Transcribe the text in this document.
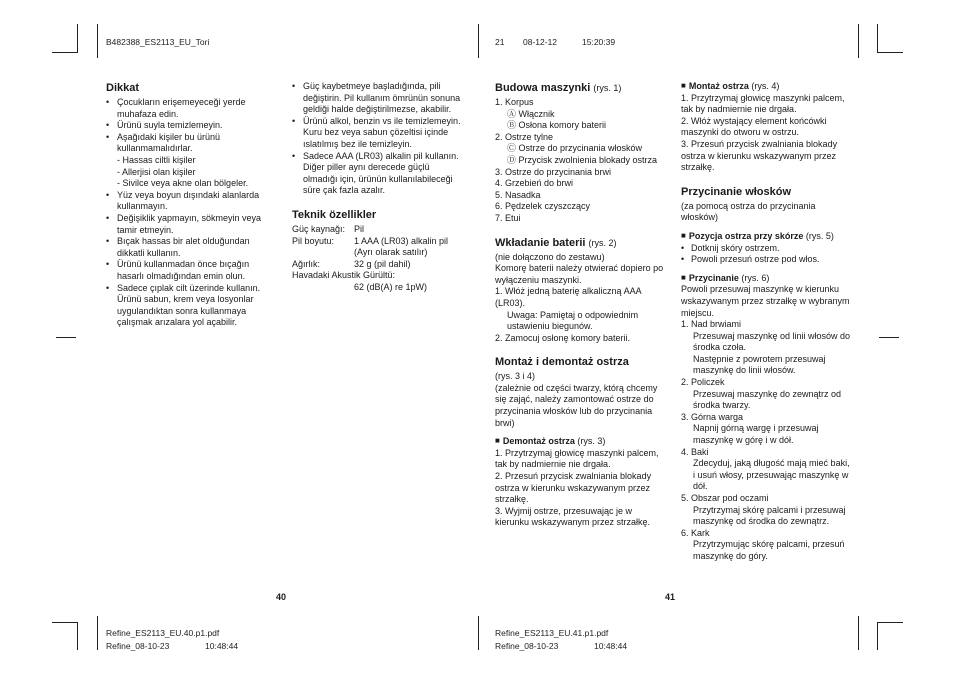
B482388_ES2113_EU_Tori	21 08-12-12	15:20:39
Dikkat
• Çocukların erişemeyeceği yerde muhafaza edin.
• Ürünü suyla temizlemeyin.
• Aşağıdaki kişiler bu ürünü kullanmamalıdırlar.
- Hassas ciltli kişiler
- Allerjisi olan kişiler
- Sivilce veya akne olan bölgeler.
• Yüz veya boyun dışındaki alanlarda kullanmayın.
• Değişiklik yapmayın, sökmeyin veya tamir etmeyin.
• Bıçak hassas bir alet olduğundan dikkatli kullanın.
• Ürünü kullanmadan önce bıçağın hasarlı olmadığından emin olun.
• Sadece çıplak cilt üzerinde kullanın. Ürünü sabun, krem veya losyonlar uygulandıktan sonra kullanmaya çalışmak arızalara yol açabilir.
• Güç kaybetmeye başladığında, pili değiştirin. Pil kullanım ömrünün sonuna geldiği halde değiştirilmezse, akabilir.
• Ürünü alkol, benzin vs ile temizlemeyin.
Kuru bez veya sabun çözeltisi içinde ıslatılmış bez ile temizleyin.
• Sadece AAA (LR03) alkalin pil kullanın. Diğer piller aynı derecede güçlü olmadığı için, ürünün kullanılabileceği süre çak fazla azalır.
Teknik özellikler
Güç kaynağı: Pil
Pil boyutu:	1 AAA (LR03) alkalin pil (Ayrı olarak satılır)
Ağırlık:	32 g (pil dahil)
Havadaki Akustik Gürültü:
62 (dB(A) re 1pW)
Budowa maszynki (rys. 1)
1. Korpus
Ⓐ Włącznik
Ⓑ Osłona komory baterii
2. Ostrze tylne
Ⓒ Ostrze do przycinania włosków
Ⓓ Przycisk zwolnienia blokady ostrza
3. Ostrze do przycinania brwi
4. Grzebień do brwi
5. Nasadka
6. Pędzelek czyszczący
7. Etui
Wkładanie baterii (rys. 2)
(nie dołączono do zestawu)
Komorę baterii należy otwierać dopiero po wyłączeniu maszynki.
1. Włóż jedną baterię alkaliczną AAA (LR03).
Uwaga: Pamiętaj o odpowiednim ustawieniu biegunów.
2. Zamocuj osłonę komory baterii.
Montaż i demontaż ostrza
(rys. 3 i 4)
(zależnie od części twarzy, którą chcemy się zająć, należy zamontować ostrze do przycinania włosków lub do przycinania brwi)
■ Demontaż ostrza (rys. 3)
1. Przytrzymaj głowicę maszynki palcem, tak by nadmiernie nie drgała.
2. Przesuń przycisk zwalniania blokady ostrza w kierunku wskazywanym przez strzałkę.
3. Wyjmij ostrze, przesuwając je w kierunku wskazywanym przez strzałkę.
■ Montaż ostrza (rys. 4)
1. Przytrzymaj głowicę maszynki palcem, tak by nadmiernie nie drgała.
2. Włóż wystający element końcówki maszynki do otworu w ostrzu.
3. Przesuń przycisk zwalniania blokady ostrza w kierunku wskazywanym przez strzałkę.
Przycinanie włosków
(za pomocą ostrza do przycinania włosków)
■ Pozycja ostrza przy skórze (rys. 5)
• Dotknij skóry ostrzem.
• Powoli przesuń ostrze pod włos.
■ Przycinanie (rys. 6)
Powoli przesuwaj maszynkę w kierunku wskazywanym przez strzałkę w wybranym miejscu.
1. Nad brwiami
Przesuwaj maszynkę od linii włosów do środka czoła.
Następnie z powrotem przesuwaj maszynkę do linii włosów.
2. Policzek
Przesuwaj maszynkę do zewnątrz od środka twarzy.
3. Górna warga
Napnij górną wargę i przesuwaj maszynkę w górę i w dół.
4. Baki
Zdecyduj, jaką długość mają mieć baki, i usuń włosy, przesuwając maszynkę w dół.
5. Obszar pod oczami
Przytrzymaj skórę palcami i przesuwaj maszynkę od środka do zewnątrz.
6. Kark
Przytrzymując skórę palcami, przesuń maszynkę do góry.
40	41
Refine_ES2113_EU.40.p1.pdf
Refine_08-10-23	10:48:44
Refine_ES2113_EU.41.p1.pdf
Refine_08-10-23	10:48:44
